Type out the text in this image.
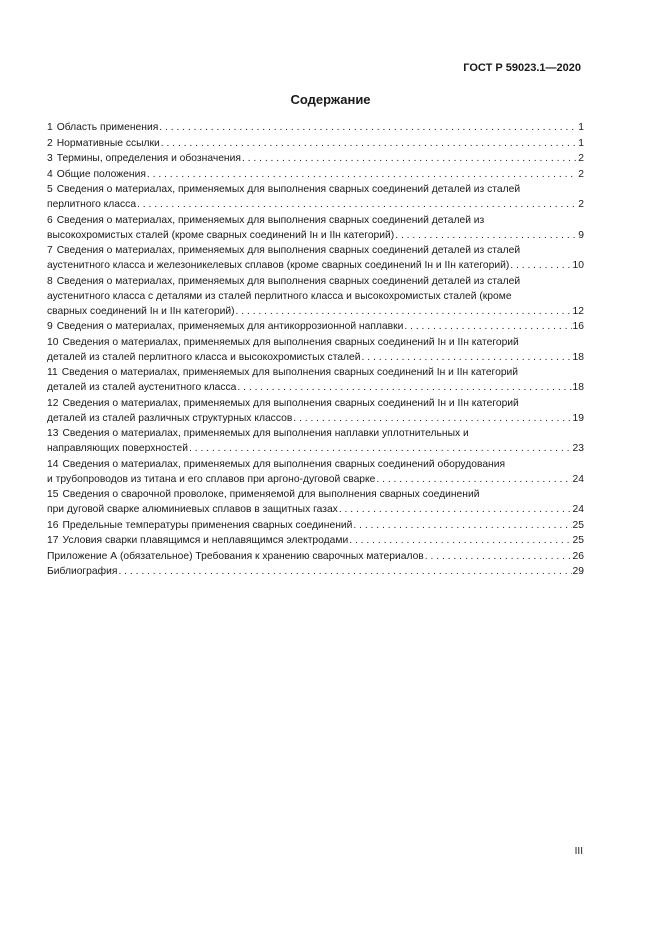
ГОСТ Р 59023.1—2020
Содержание
1 Область применения . . .	1
2 Нормативные ссылки . . .	1
3 Термины, определения и обозначения . . .	2
4 Общие положения . . .	2
5 Сведения о материалах, применяемых для выполнения сварных соединений деталей из сталей
перлитного класса . . .	2
6 Сведения о материалах, применяемых для выполнения сварных соединений деталей из
высокохромистых сталей (кроме сварных соединений Iн и IIн категорий) . . .	9
7 Сведения о материалах, применяемых для выполнения сварных соединений деталей из сталей
аустенитного класса и железоникелевых сплавов (кроме сварных соединений Iн и IIн категорий) . . .	10
8 Сведения о материалах, применяемых для выполнения сварных соединений деталей из сталей
аустенитного класса с деталями из сталей перлитного класса и высокохромистых сталей (кроме
сварных соединений Iн и IIн категорий) . . .	12
9 Сведения о материалах, применяемых для антикоррозионной наплавки . . .	16
10 Сведения о материалах, применяемых для выполнения сварных соединений Iн и IIн категорий
деталей из сталей перлитного класса и высокохромистых сталей . . .	18
11 Сведения о материалах, применяемых для выполнения сварных соединений Iн и IIн категорий
деталей из сталей аустенитного класса . . .	18
12 Сведения о материалах, применяемых для выполнения сварных соединений Iн и IIн категорий
деталей из сталей различных структурных классов . . .	19
13 Сведения о материалах, применяемых для выполнения наплавки уплотнительных и
направляющих поверхностей . . .	23
14 Сведения о материалах, применяемых для выполнения сварных соединений оборудования
и трубопроводов из титана и его сплавов при аргоно-дуговой сварке . . .	24
15 Сведения о сварочной проволоке, применяемой для выполнения сварных соединений
при дуговой сварке алюминиевых сплавов в защитных газах . . .	24
16 Предельные температуры применения сварных соединений . . .	25
17 Условия сварки плавящимся и неплавящимся электродами . . .	25
Приложение А (обязательное) Требования к хранению сварочных материалов . . .	26
Библиография . . .	29
III
